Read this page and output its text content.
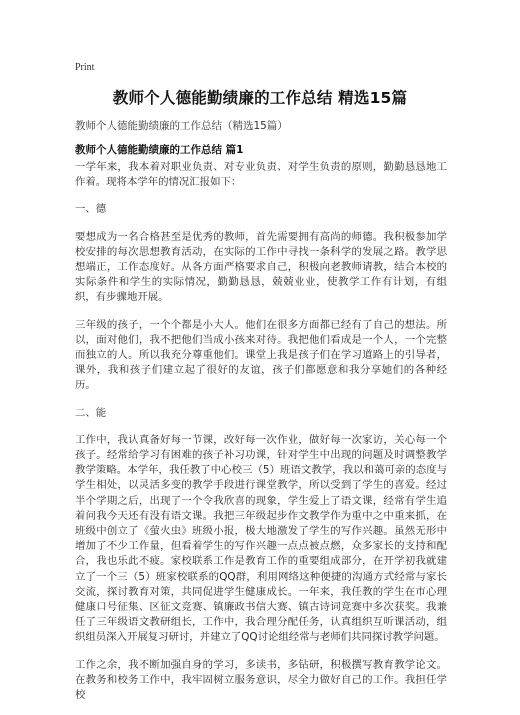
Print
教师个人德能勤绩廉的工作总结 精选15篇

教师个人德能勤绩廉的工作总结（精选15篇）

教师个人德能勤绩廉的工作总结 篇1

一学年来，我本着对职业负责、对专业负责、对学生负责的原则，勤勤恳恳地工作着。现将本学年的情况汇报如下：

一、德

要想成为一名合格甚至是优秀的教师，首先需要拥有高尚的师德。我积极参加学校安排的每次思想教育活动，在实际的工作中寻找一条科学的发展之路。教学思想端正，工作态度好。从各方面严格要求自己，积极向老教师请教，结合本校的实际条件和学生的实际情况，勤勤恳恳，兢兢业业，使教学工作有计划，有组织，有步骤地开展。

三年级的孩子，一个个都是小大人。他们在很多方面都已经有了自己的想法。所以，面对他们，我不把他们当成小孩来对待。我把他们看成是一个人，一个完整而独立的人。所以我充分尊重他们。课堂上我是孩子们在学习道路上的引导者，课外，我和孩子们建立起了很好的友谊，孩子们都愿意和我分享她们的各种经历。

二、能

工作中，我认真备好每一节课，改好每一次作业，做好每一次家访，关心每一个孩子。经常给学习有困难的孩子补习功课，针对学生中出现的问题及时调整教学教学策略。本学年，我任教了中心校三（5）班语文教学，我以和蔼可亲的态度与学生相处，以灵活多变的教学手段进行课堂教学，所以受到了学生的喜爱。经过半个学期之后，出现了一个令我欣喜的现象，学生爱上了语文课，经常有学生追着问我今天还有没有语文课。我把三年级起步作文教学作为重中之中重来抓，在班级中创立了《萤火虫》班级小报，极大地激发了学生的写作兴趣。虽然无形中增加了不少工作量，但看着学生的写作兴趣一点点被点燃，众多家长的支持和配合，我也乐此不疲。家校联系工作是教育工作的重要组成部分，在开学初我就建立了一个三（5）班家校联系的QQ群，利用网络这种便捷的沟通方式经常与家长交流，探讨教育对策，共同促进学生健康成长。一年来，我任教的学生在市心理健康口号征集、区征文竞赛、镇廉政书信大赛、镇古诗词竞赛中多次获奖。我兼任了三年级语文教研组长，工作中，我合理分配任务，认真组织互听课活动，组织组员深入开展复习研讨，并建立了QQ讨论组经常与老师们共同探讨教学问题。

工作之余，我不断加强自身的学习，多读书，多钻研，积极撰写教育教学论文。在教务和校务工作中，我牢固树立服务意识，尽全力做好自己的工作。我担任学校
